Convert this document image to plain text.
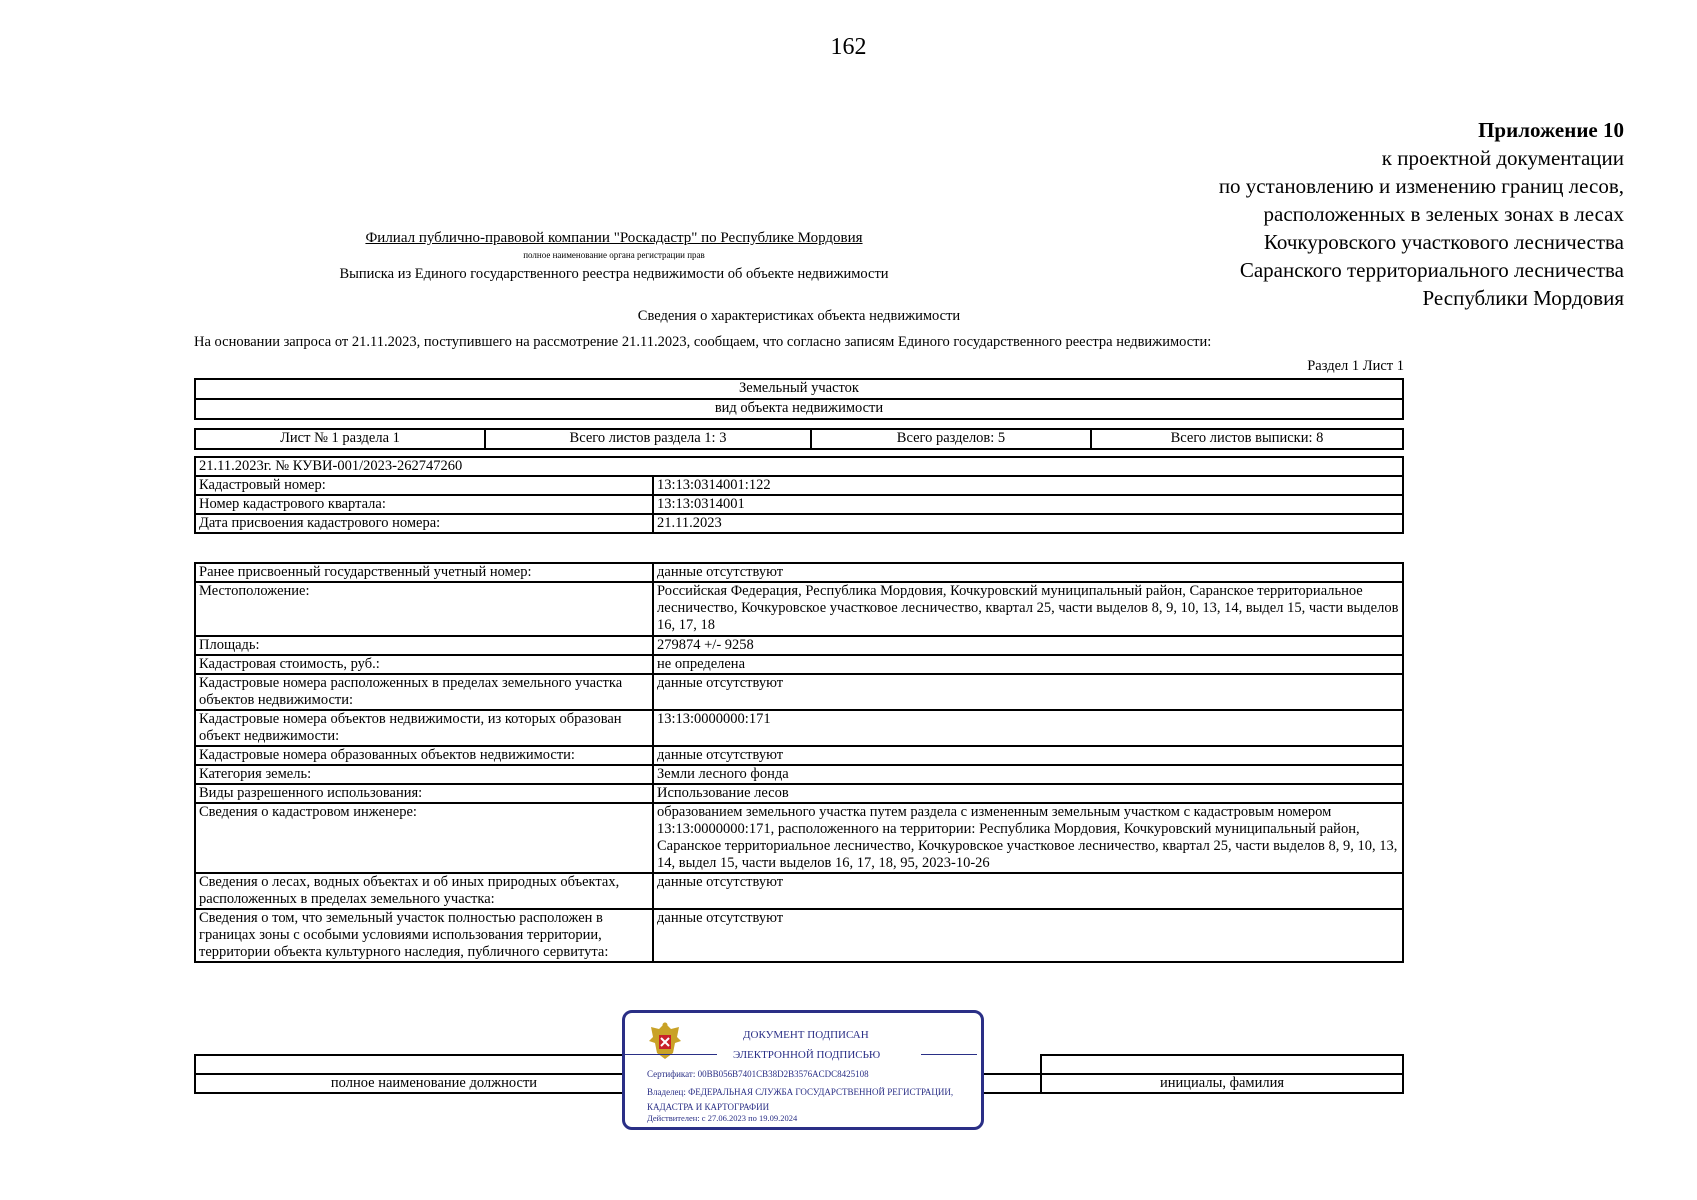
162
Приложение 10
к проектной документации
по установлению и изменению границ лесов,
расположенных в зеленых зонах в лесах
Кочкуровского участкового лесничества
Саранского территориального лесничества
Республики Мордовия
Филиал публично-правовой компании "Роскадастр" по Республике Мордовия
полное наименование органа регистрации прав
Выписка из Единого государственного реестра недвижимости об объекте недвижимости
Сведения о характеристиках объекта недвижимости
На основании запроса от 21.11.2023, поступившего на рассмотрение 21.11.2023, сообщаем, что согласно записям Единого государственного реестра недвижимости:
Раздел 1 Лист 1
Земельный участок
вид объекта недвижимости
Лист № 1 раздела 1	Всего листов раздела 1: 3	Всего разделов: 5	Всего листов выписки: 8
21.11.2023г. № КУВИ-001/2023-262747260	
Кадастровый номер:	13:13:0314001:122
Номер кадастрового квартала:	13:13:0314001
Дата присвоения кадастрового номера:	21.11.2023
Ранее присвоенный государственный учетный номер:	данные отсутствуют
Местоположение:	Российская Федерация, Республика Мордовия, Кочкуровский муниципальный район, Саранское территориальное лесничество, Кочкуровское участковое лесничество, квартал 25, части выделов 8, 9, 10, 13, 14, выдел 15, части выделов 16, 17, 18
Площадь:	279874 +/- 9258
Кадастровая стоимость, руб.:	не определена
Кадастровые номера расположенных в пределах земельного участка объектов недвижимости:	данные отсутствуют
Кадастровые номера объектов недвижимости, из которых образован объект недвижимости:	13:13:0000000:171
Кадастровые номера образованных объектов недвижимости:	данные отсутствуют
Категория земель:	Земли лесного фонда
Виды разрешенного использования:	Использование лесов
Сведения о кадастровом инженере:	образованием земельного участка путем раздела с измененным земельным участком с кадастровым номером 13:13:0000000:171, расположенного на территории: Республика Мордовия, Кочкуровский муниципальный район, Саранское территориальное лесничество, Кочкуровское участковое лесничество, квартал 25, части выделов 8, 9, 10, 13, 14, выдел 15, части выделов 16, 17, 18, 95, 2023-10-26
Сведения о лесах, водных объектах и об иных природных объектах, расположенных в пределах земельного участка:	данные отсутствуют
Сведения о том, что земельный участок полностью расположен в границах зоны с особыми условиями использования территории, территории объекта культурного наследия, публичного сервитута:	данные отсутствуют

полное наименование должности		инициалы, фамилия
ДОКУМЕНТ ПОДПИСАН
ЭЛЕКТРОННОЙ ПОДПИСЬЮ
Сертификат: 00BB056B7401CB38D2B3576ACDC8425108
Владелец: ФЕДЕРАЛЬНАЯ СЛУЖБА ГОСУДАРСТВЕННОЙ РЕГИСТРАЦИИ, КАДАСТРА И КАРТОГРАФИИ
Действителен: с 27.06.2023 по 19.09.2024
